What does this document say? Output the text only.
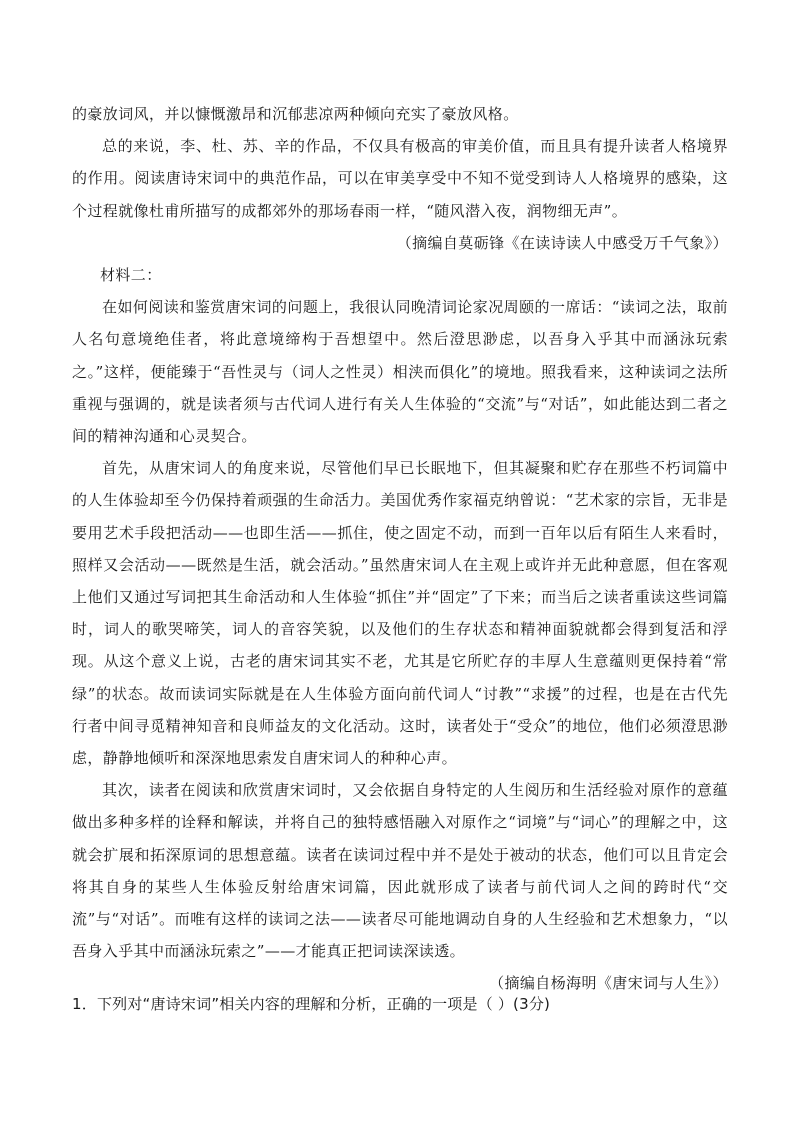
的豪放词风，并以慷慨激昂和沉郁悲凉两种倾向充实了豪放风格。

总的来说，李、杜、苏、辛的作品，不仅具有极高的审美价值，而且具有提升读者人格境界的作用。阅读唐诗宋词中的典范作品，可以在审美享受中不知不觉受到诗人人格境界的感染，这个过程就像杜甫所描写的成都郊外的那场春雨一样，“随风潜入夜，润物细无声”。

（摘编自莫砺锋《在读诗读人中感受万千气象》）

材料二：

在如何阅读和鉴赏唐宋词的问题上，我很认同晚清词论家况周颐的一席话：“读词之法，取前人名句意境绝佳者，将此意境缔构于吾想望中。然后澄思渺虑，以吾身入乎其中而涵泳玩索之。”这样，便能臻于“吾性灵与（词人之性灵）相浃而俱化”的境地。照我看来，这种读词之法所重视与强调的，就是读者须与古代词人进行有关人生体验的“交流”与“对话”，如此能达到二者之间的精神沟通和心灵契合。

首先，从唐宋词人的角度来说，尽管他们早已长眠地下，但其凝聚和贮存在那些不朽词篇中的人生体验却至今仍保持着顽强的生命活力。美国优秀作家福克纳曾说：“艺术家的宗旨，无非是要用艺术手段把活动——也即生活——抓住，使之固定不动，而到一百年以后有陌生人来看时，照样又会活动——既然是生活，就会活动。”虽然唐宋词人在主观上或许并无此种意愿，但在客观上他们又通过写词把其生命活动和人生体验“抓住”并“固定”了下来；而当后之读者重读这些词篇时，词人的歌哭啼笑，词人的音容笑貌，以及他们的生存状态和精神面貌就都会得到复活和浮现。从这个意义上说，古老的唐宋词其实不老，尤其是它所贮存的丰厚人生意蕴则更保持着“常绿”的状态。故而读词实际就是在人生体验方面向前代词人“讨教”“求援”的过程，也是在古代先行者中间寻觅精神知音和良师益友的文化活动。这时，读者处于“受众”的地位，他们必须澄思渺虑，静静地倾听和深深地思索发自唐宋词人的种种心声。

其次，读者在阅读和欣赏唐宋词时，又会依据自身特定的人生阅历和生活经验对原作的意蕴做出多种多样的诠释和解读，并将自己的独特感悟融入对原作之“词境”与“词心”的理解之中，这就会扩展和拓深原词的思想意蕴。读者在读词过程中并不是处于被动的状态，他们可以且肯定会将其自身的某些人生体验反射给唐宋词篇，因此就形成了读者与前代词人之间的跨时代“交流”与“对话”。而唯有这样的读词之法——读者尽可能地调动自身的人生经验和艺术想象力，“以吾身入乎其中而涵泳玩索之”——才能真正把词读深读透。

（摘编自杨海明《唐宋词与人生》）

1．下列对“唐诗宋词”相关内容的理解和分析，正确的一项是（ ）(3分)
